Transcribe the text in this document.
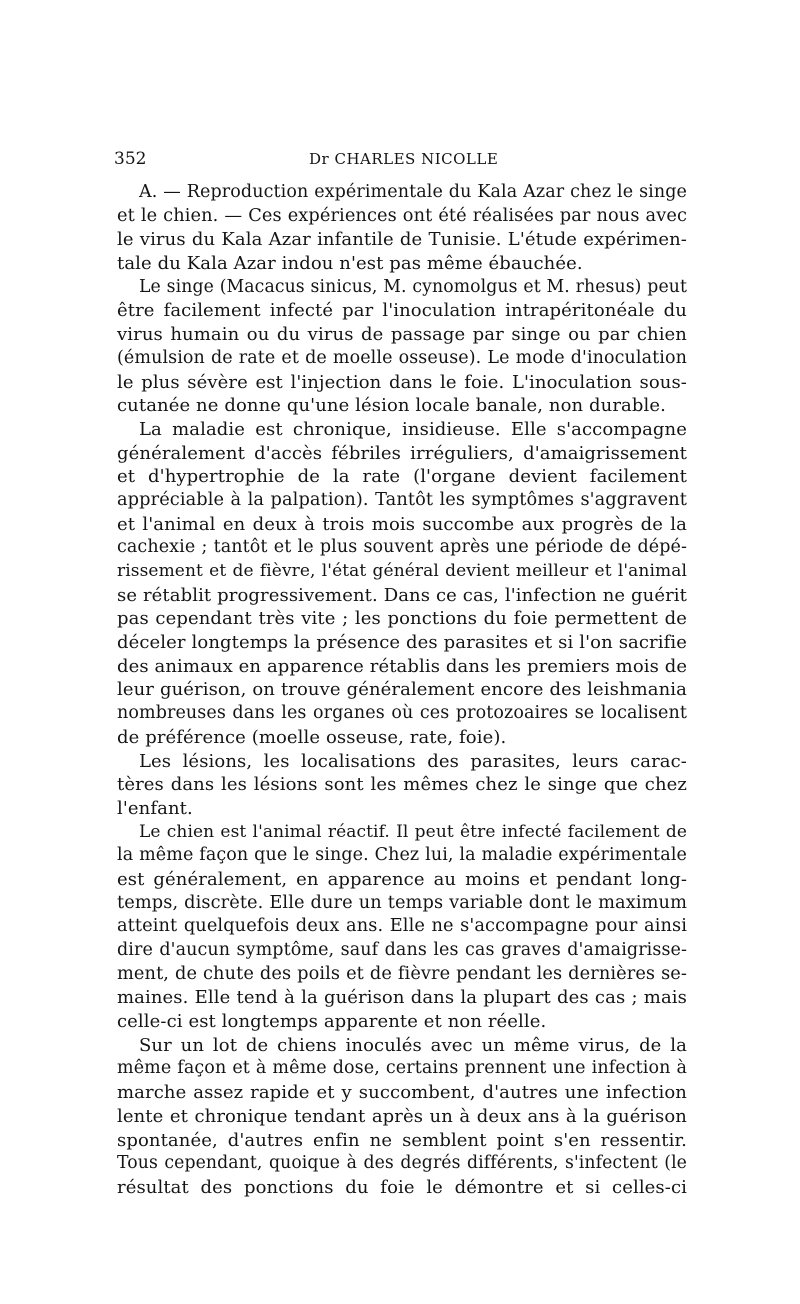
352	Dr CHARLES NICOLLE
A. — Reproduction expérimentale du Kala Azar chez le singe
et le chien. — Ces expériences ont été réalisées par nous avec
le virus du Kala Azar infantile de Tunisie. L'étude expérimen-
tale du Kala Azar indou n'est pas même ébauchée.
Le singe (Macacus sinicus, M. cynomolgus et M. rhesus) peut
être facilement infecté par l'inoculation intrapéritonéale du
virus humain ou du virus de passage par singe ou par chien
(émulsion de rate et de moelle osseuse). Le mode d'inoculation
le plus sévère est l'injection dans le foie. L'inoculation sous-
cutanée ne donne qu'une lésion locale banale, non durable.
La maladie est chronique, insidieuse. Elle s'accompagne
généralement d'accès fébriles irréguliers, d'amaigrissement
et d'hypertrophie de la rate (l'organe devient facilement
appréciable à la palpation). Tantôt les symptômes s'aggravent
et l'animal en deux à trois mois succombe aux progrès de la
cachexie ; tantôt et le plus souvent après une période de dépé-
rissement et de fièvre, l'état général devient meilleur et l'animal
se rétablit progressivement. Dans ce cas, l'infection ne guérit
pas cependant très vite ; les ponctions du foie permettent de
déceler longtemps la présence des parasites et si l'on sacrifie
des animaux en apparence rétablis dans les premiers mois de
leur guérison, on trouve généralement encore des leishmania
nombreuses dans les organes où ces protozoaires se localisent
de préférence (moelle osseuse, rate, foie).
Les lésions, les localisations des parasites, leurs carac-
tères dans les lésions sont les mêmes chez le singe que chez
l'enfant.
Le chien est l'animal réactif. Il peut être infecté facilement de
la même façon que le singe. Chez lui, la maladie expérimentale
est généralement, en apparence au moins et pendant long-
temps, discrète. Elle dure un temps variable dont le maximum
atteint quelquefois deux ans. Elle ne s'accompagne pour ainsi
dire d'aucun symptôme, sauf dans les cas graves d'amaigrisse-
ment, de chute des poils et de fièvre pendant les dernières se-
maines. Elle tend à la guérison dans la plupart des cas ; mais
celle-ci est longtemps apparente et non réelle.
Sur un lot de chiens inoculés avec un même virus, de la
même façon et à même dose, certains prennent une infection à
marche assez rapide et y succombent, d'autres une infection
lente et chronique tendant après un à deux ans à la guérison
spontanée, d'autres enfin ne semblent point s'en ressentir.
Tous cependant, quoique à des degrés différents, s'infectent (le
résultat des ponctions du foie le démontre et si celles-ci
